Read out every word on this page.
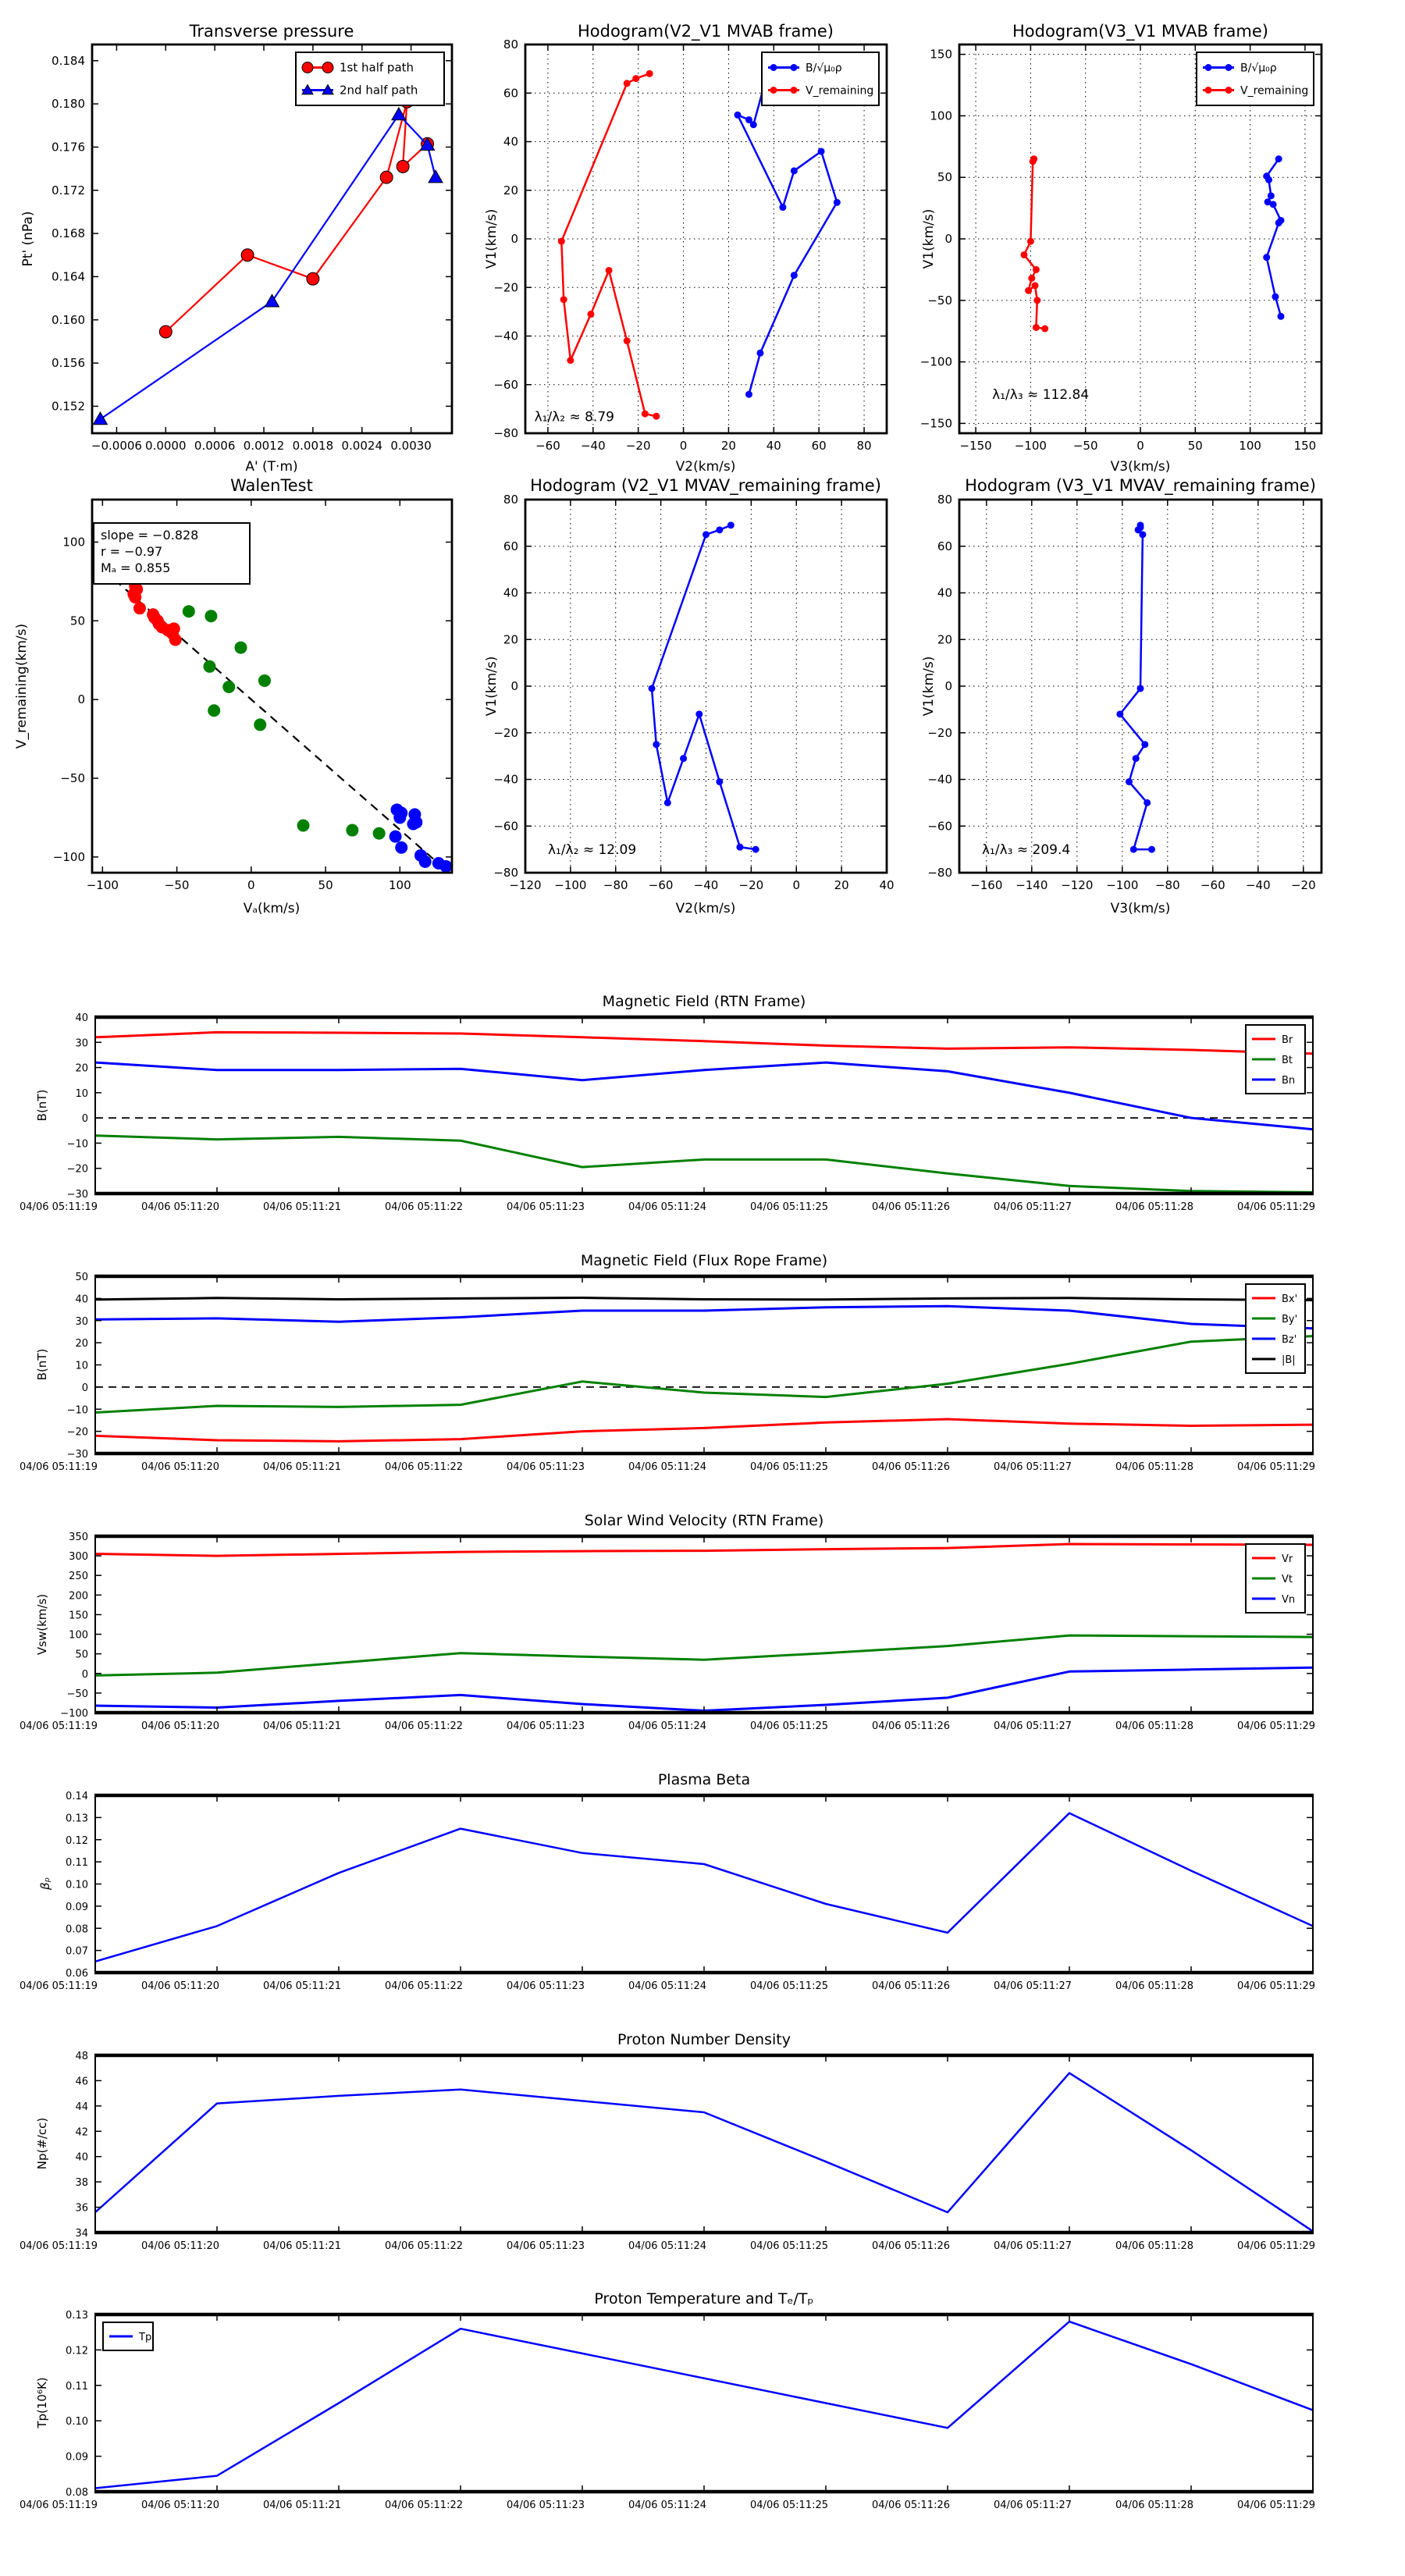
−0.0006 0.0000 0.0006 0.0012 0.0018 0.0024 0.0030
0.152
0.156
0.160
0.164
0.168
0.172
0.176
0.180
0.184	1st half path
2nd half path
λ₁/λ₂ ≈ 8.79
−60 −40 −20 0	20	40	60	80
−80
−60
−40
−20
0
20
40
60
80
B/√μ₀ρ
V_remaining
λ₁/λ₃ ≈ 112.84
−150 −100 −50	0	50	100	150
−150
−100
−50
0
50
100
150
B/√μ₀ρ
V_remaining
slope = −0.828
r = −0.97
Mₐ = 0.855
−100	−50	0	50	100
−100
−50
0
50
100
λ₁/λ₂ ≈ 12.09
−120 −100 −80 −60 −40 −20 0	20	40
−80
−60
−40
−20
0
20
40
60
80
λ₁/λ₃ ≈ 209.4
−160 −140 −120 −100 −80 −60 −40 −20
−80
−60
−40
−20
0
20
40
60
80
04/06 05:11:19	04/06 05:11:20	04/06 05:11:21	04/06 05:11:22	04/06 05:11:23	04/06 05:11:24	04/06 05:11:25	04/06 05:11:26	04/06 05:11:27	04/06 05:11:28	04/06 05:11:29
−30
−20
−10
0
10
20
30
40
Br
Bt
Bn
04/06 05:11:19	04/06 05:11:20	04/06 05:11:21	04/06 05:11:22	04/06 05:11:23	04/06 05:11:24	04/06 05:11:25	04/06 05:11:26	04/06 05:11:27	04/06 05:11:28	04/06 05:11:29
−30
−20
−10
0
10
20
30
40
50
Bx'
By'
Bz'
|B|
04/06 05:11:19	04/06 05:11:20	04/06 05:11:21	04/06 05:11:22	04/06 05:11:23	04/06 05:11:24	04/06 05:11:25	04/06 05:11:26	04/06 05:11:27	04/06 05:11:28	04/06 05:11:29
−100
−50
0
50
100
150
200
250
300
350
Vr
Vt
Vn
04/06 05:11:19	04/06 05:11:20	04/06 05:11:21	04/06 05:11:22	04/06 05:11:23	04/06 05:11:24	04/06 05:11:25	04/06 05:11:26	04/06 05:11:27	04/06 05:11:28	04/06 05:11:29
0.06
0.07
0.08
0.09
0.10
0.11
0.12
0.13
0.14
04/06 05:11:19	04/06 05:11:20	04/06 05:11:21	04/06 05:11:22	04/06 05:11:23	04/06 05:11:24	04/06 05:11:25	04/06 05:11:26	04/06 05:11:27	04/06 05:11:28	04/06 05:11:29
34
36
38
40
42
44
46
48
04/06 05:11:19	04/06 05:11:20	04/06 05:11:21	04/06 05:11:22	04/06 05:11:23	04/06 05:11:24	04/06 05:11:25	04/06 05:11:26	04/06 05:11:27	04/06 05:11:28	04/06 05:11:29
0.08
0.09
0.10
0.11
0.12
0.13
Tp
Transverse pressure	Hodogram(V2_V1 MVAB frame)	Hodogram(V3_V1 MVAB frame)
WalenTest	Hodogram (V2_V1 MVAV_remaining frame)	Hodogram (V3_V1 MVAV_remaining frame)
Magnetic Field (RTN Frame)
Magnetic Field (Flux Rope Frame)
Solar Wind Velocity (RTN Frame)
Plasma Beta
Proton Number Density
Proton Temperature and Tₑ/Tₚ
A' (T·m)	V2(km/s)	V3(km/s)
Vₐ(km/s)	V2(km/s)	V3(km/s)
Pt' (nPa)	V1(km/s)	V1(km/s)
V_remaining(km/s)	V1(km/s)	V1(km/s)
B(nT)
B(nT)
Vsw(km/s)
βₚ
Np(#/cc)
Tp(10⁶K)
